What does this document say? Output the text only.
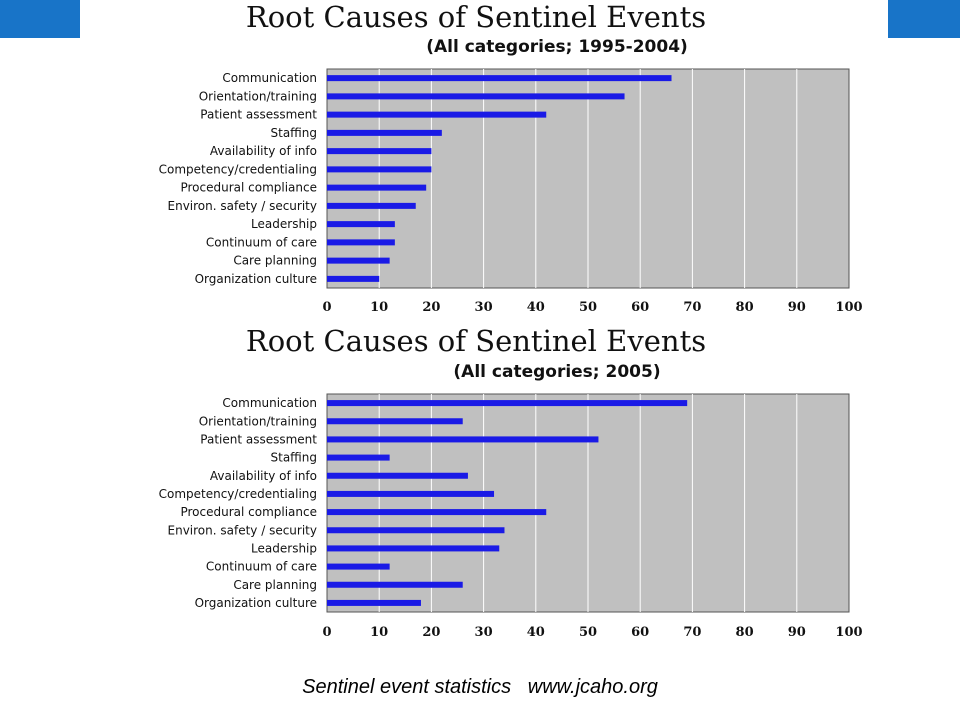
Root Causes of Sentinel Events
(All categories; 1995-2004)
Communication
Orientation/training
Patient assessment
Staffing
Availability of info
Competency/credentialing
Procedural compliance
Environ. safety / security
Leadership
Continuum of care
Care planning
Organization culture
0	10	20	30	40	50	60	70	80	90 100
Root Causes of Sentinel Events
(All categories; 2005)
Communication
Orientation/training
Patient assessment
Staffing
Availability of info
Competency/credentialing
Procedural compliance
Environ. safety / security
Leadership
Continuum of care
Care planning
Organization culture
0	10	20	30	40	50	60	70	80	90 100
Sentinel event statistics   www.jcaho.org
